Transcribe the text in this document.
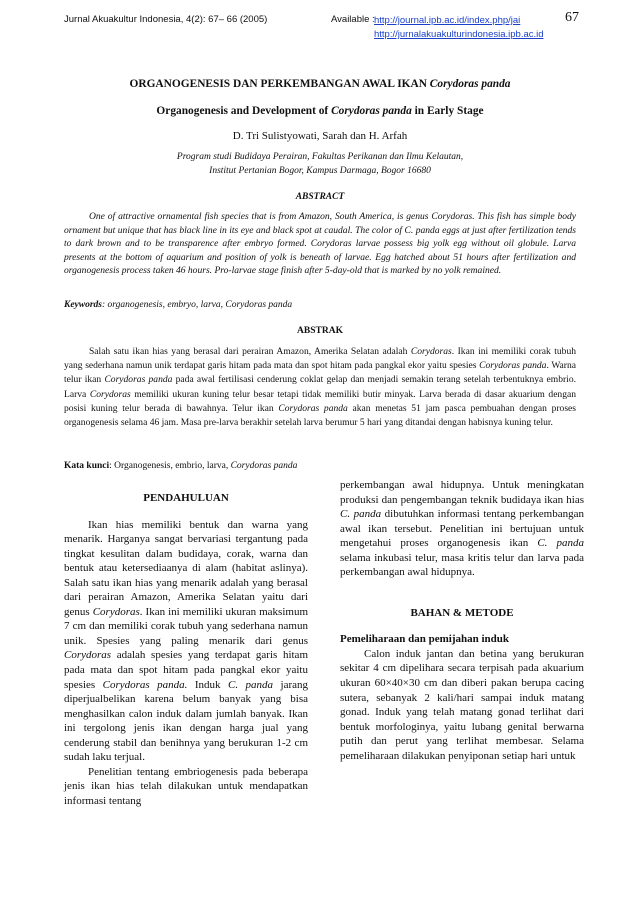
Jurnal Akuakultur Indonesia, 4(2): 67– 66 (2005)	Available : http://journal.ipb.ac.id/index.php/jai
http://jurnalakuakulturindonesia.ipb.ac.id
67
ORGANOGENESIS DAN PERKEMBANGAN AWAL IKAN Corydoras panda
Organogenesis and Development of Corydoras panda in Early Stage
D. Tri Sulistyowati, Sarah dan H. Arfah
Program studi Budidaya Perairan, Fakultas Perikanan dan Ilmu Kelautan,
Institut Pertanian Bogor, Kampus Darmaga, Bogor 16680
ABSTRACT

One of attractive ornamental fish species that is from Amazon, South America, is genus Corydoras. This fish has simple body ornament but unique that has black line in its eye and black spot at caudal. The color of C. panda eggs at just after fertilization tends to dark brown and to be transparence after embryo formed. Corydoras larvae possess big yolk egg without oil globule. Larva presents at the bottom of aquarium and position of yolk is beneath of larvae. Egg hatched about 51 hours after fertilization and organogenesis process taken 46 hours. Pro-larvae stage finish after 5-day-old that is marked by no yolk remained.

Keywords: organogenesis, embryo, larva, Corydoras panda

ABSTRAK

Salah satu ikan hias yang berasal dari perairan Amazon, Amerika Selatan adalah Corydoras. Ikan ini memiliki corak tubuh yang sederhana namun unik terdapat garis hitam pada mata dan spot hitam pada pangkal ekor yaitu spesies Corydoras panda. Warna telur ikan Corydoras panda pada awal fertilisasi cenderung coklat gelap dan menjadi semakin terang setelah terbentuknya embrio. Larva Corydoras memiliki ukuran kuning telur besar tetapi tidak memiliki butir minyak. Larva berada di dasar akuarium dengan posisi kuning telur berada di bawahnya. Telur ikan Corydoras panda akan menetas 51 jam pasca pembuahan dengan proses organogenesis selama 46 jam. Masa pre-larva berakhir setelah larva berumur 5 hari yang ditandai dengan habisnya kuning telur.

Kata kunci: Organogenesis, embrio, larva, Corydoras panda

PENDAHULUAN

Ikan hias memiliki bentuk dan warna yang menarik. Harganya sangat bervariasi tergantung pada tingkat kesulitan dalam budidaya, corak, warna dan bentuk atau ketersediaanya di alam (habitat aslinya). Salah satu ikan hias yang menarik adalah yang berasal dari perairan Amazon, Amerika Selatan yaitu dari genus Corydoras. Ikan ini memiliki ukuran maksimum 7 cm dan memiliki corak tubuh yang sederhana namun unik. Spesies yang paling menarik dari genus Corydoras adalah spesies yang terdapat garis hitam pada mata dan spot hitam pada pangkal ekor yaitu spesies Corydoras panda. Induk C. panda jarang diperjualbelikan karena belum banyak yang bisa menghasilkan calon induk dalam jumlah banyak. Ikan ini tergolong jenis ikan dengan harga jual yang cenderung stabil dan benihnya yang berukuran 1-2 cm sudah laku terjual.

Penelitian tentang embriogenesis pada beberapa jenis ikan hias telah dilakukan untuk mendapatkan informasi tentang

perkembangan awal hidupnya. Untuk meningkatan produksi dan pengembangan teknik budidaya ikan hias C. panda dibutuhkan informasi tentang perkembangan awal ikan tersebut. Penelitian ini bertujuan untuk mengetahui proses organogenesis ikan C. panda selama inkubasi telur, masa kritis telur dan larva pada perkembangan awal hidupnya.

BAHAN & METODE
Pemeliharaan dan pemijahan induk

Calon induk jantan dan betina yang berukuran sekitar 4 cm dipelihara secara terpisah pada akuarium ukuran 60×40×30 cm dan diberi pakan berupa cacing sutera, sebanyak 2 kali/hari sampai induk matang gonad. Induk yang telah matang gonad terlihat dari bentuk morfologinya, yaitu lubang genital berwarna putih dan perut yang terlihat membesar. Selama pemeliharaan dilakukan penyiponan setiap hari untuk
